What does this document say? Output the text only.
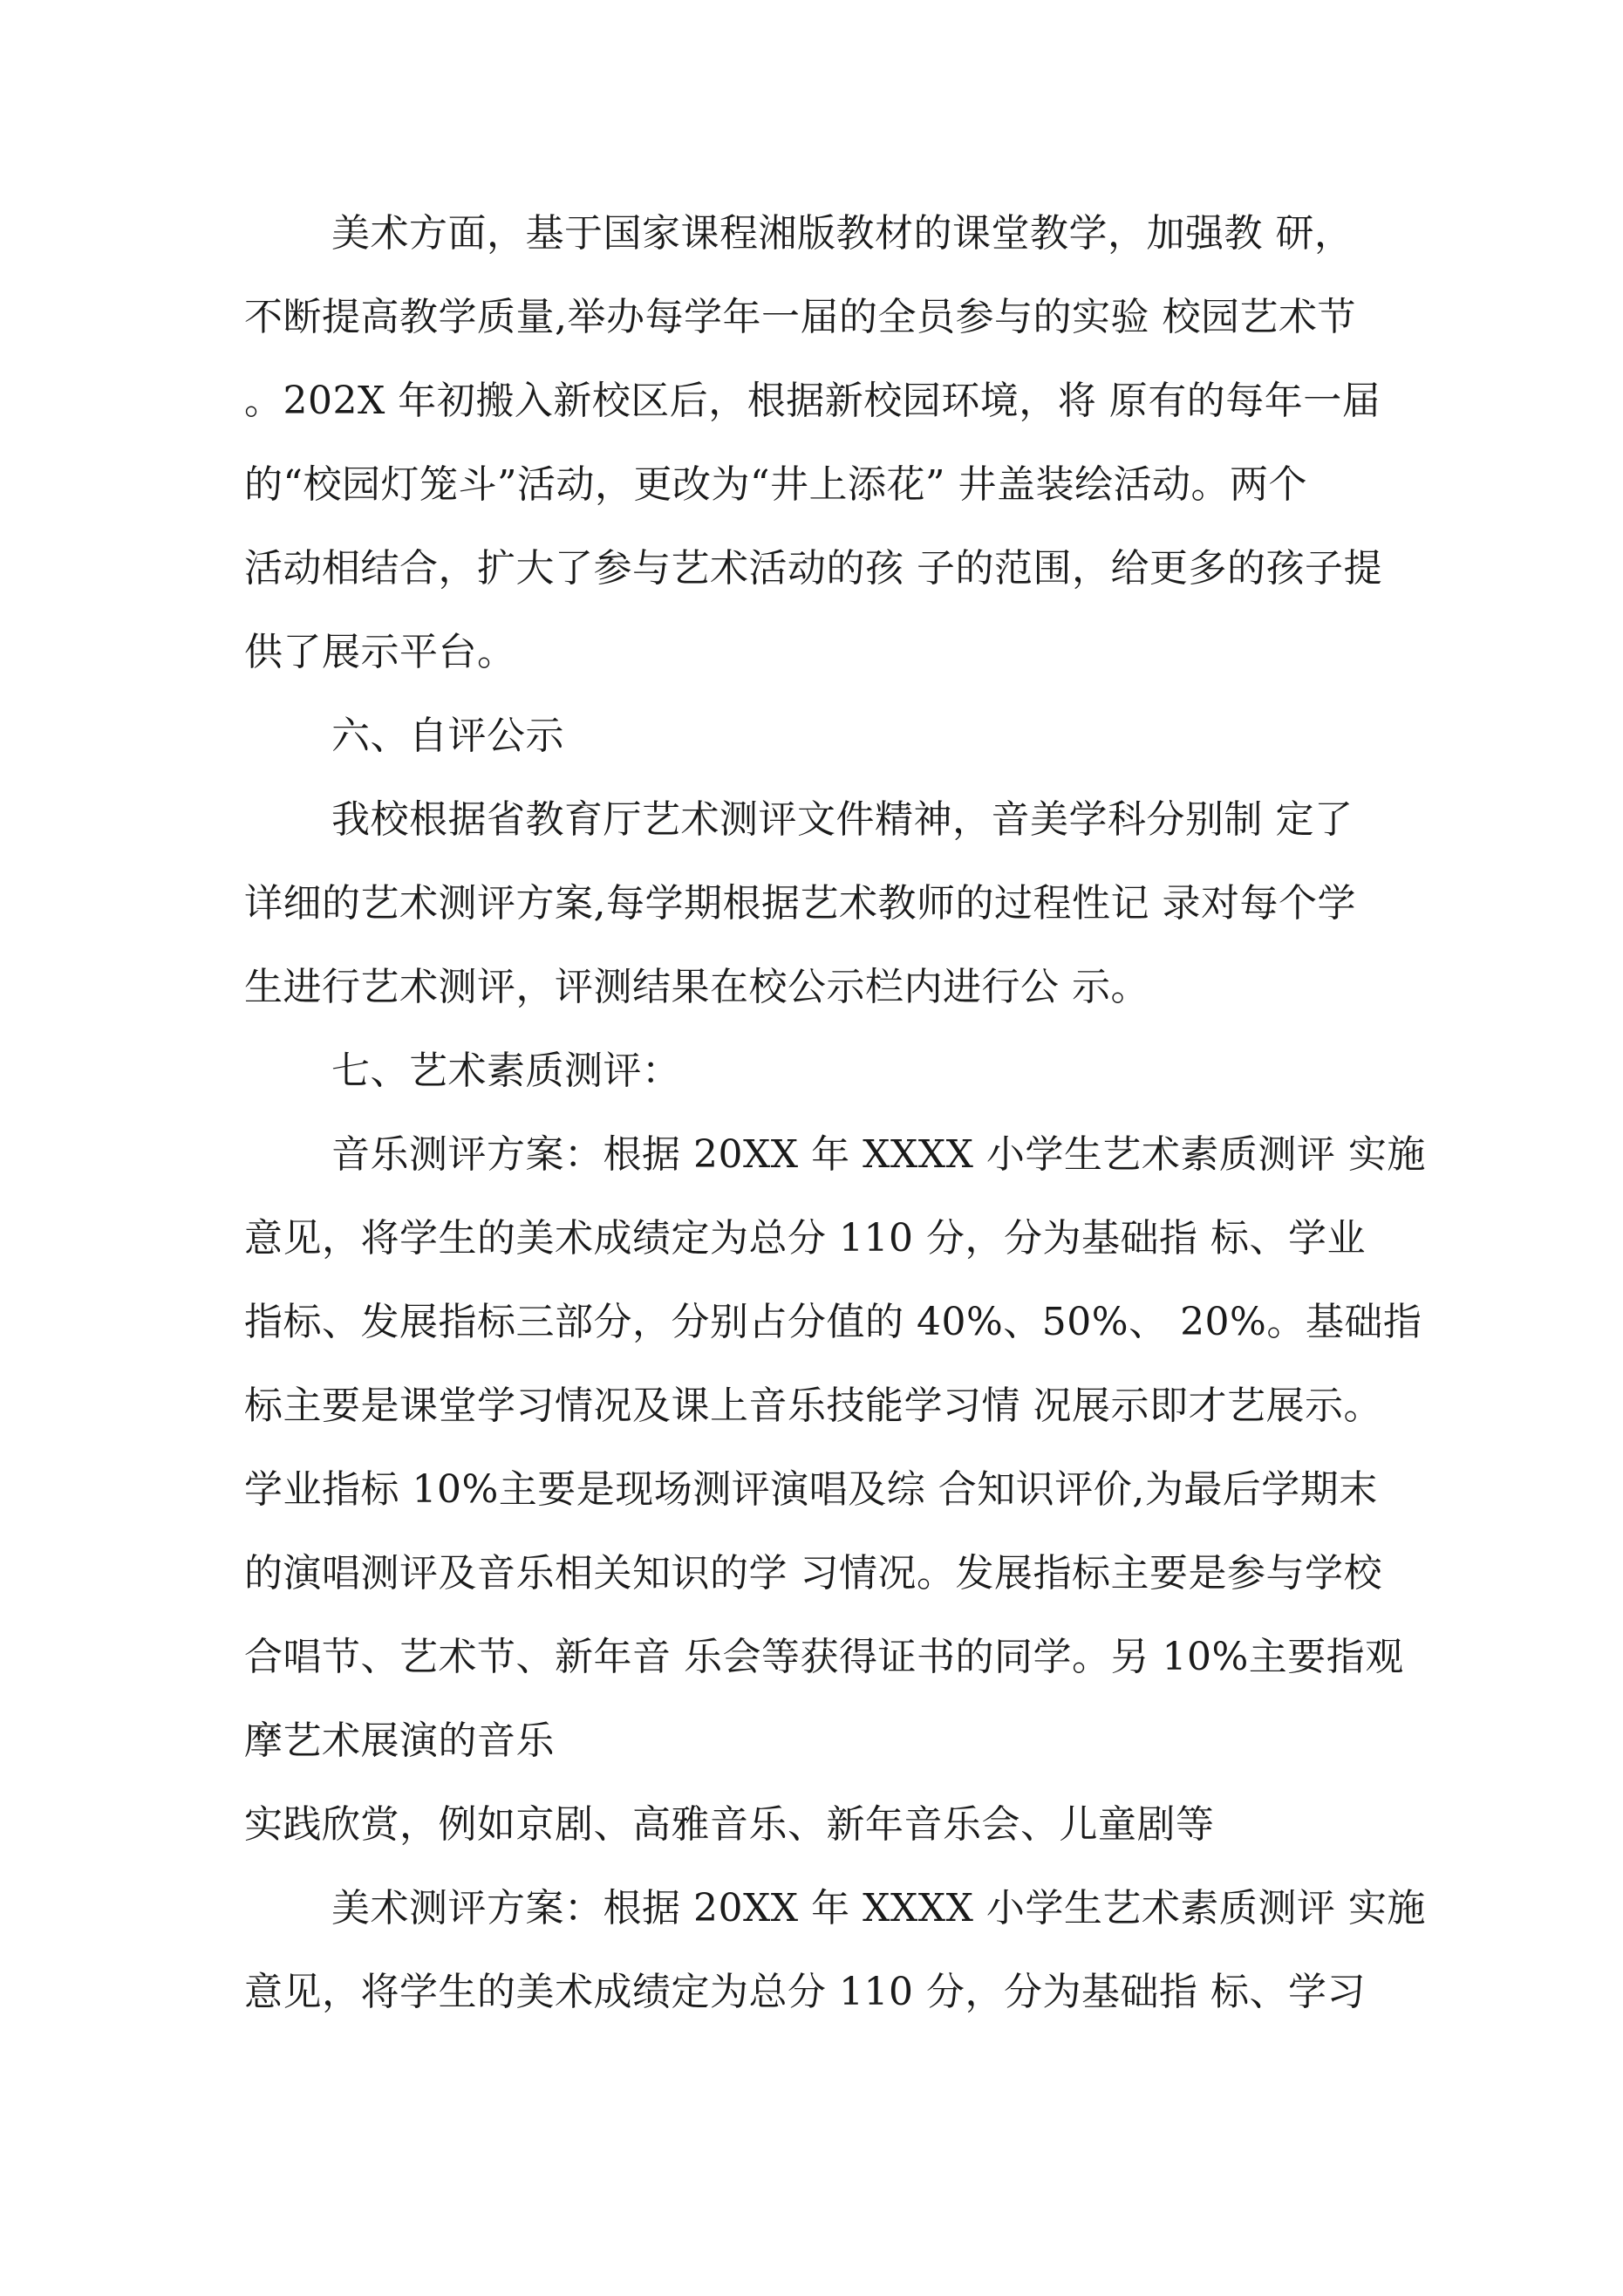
美术方面，基于国家课程湘版教材的课堂教学，加强教 研，
不断提高教学质量,举办每学年一届的全员参与的实验 校园艺术节
。202X 年初搬入新校区后，根据新校园环境，将 原有的每年一届
的“校园灯笼斗”活动，更改为“井上添花” 井盖装绘活动。两个
活动相结合，扩大了参与艺术活动的孩 子的范围，给更多的孩子提
供了展示平台。
六、自评公示
我校根据省教育厅艺术测评文件精神，音美学科分别制 定了
详细的艺术测评方案,每学期根据艺术教师的过程性记 录对每个学
生进行艺术测评，评测结果在校公示栏内进行公 示。
七、艺术素质测评：
音乐测评方案：根据 20XX 年 XXXX 小学生艺术素质测评 实施
意见，将学生的美术成绩定为总分 110 分，分为基础指 标、学业
指标、发展指标三部分，分别占分值的 40%、50%、 20%。基础指
标主要是课堂学习情况及课上音乐技能学习情 况展示即才艺展示。
学业指标 10%主要是现场测评演唱及综 合知识评价,为最后学期末
的演唱测评及音乐相关知识的学 习情况。发展指标主要是参与学校
合唱节、艺术节、新年音 乐会等获得证书的同学。另 10%主要指观
摩艺术展演的音乐
实践欣赏，例如京剧、高雅音乐、新年音乐会、儿童剧等
美术测评方案：根据 20XX 年 XXXX 小学生艺术素质测评 实施
意见，将学生的美术成绩定为总分 110 分，分为基础指 标、学习
